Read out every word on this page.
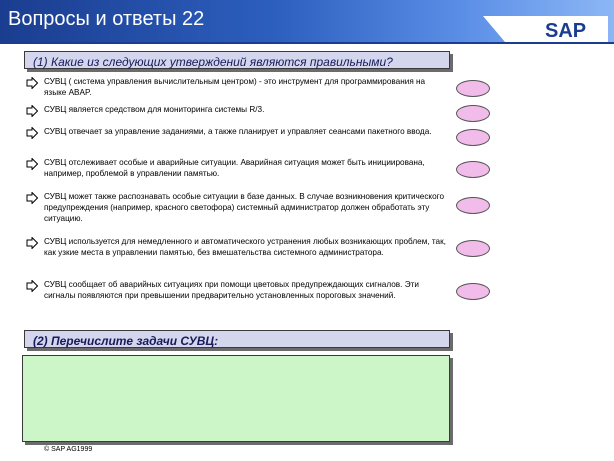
Вопросы и ответы 22
SAP
(1) Какие из следующих утверждений являются правильными?
СУВЦ ( система управления вычислительным центром) - это инструмент для программирования на языке ABAP.
СУВЦ является средством для мониторинга системы R/3.
СУВЦ отвечает за управление заданиями, а также планирует и управляет сеансами пакетного ввода.
СУВЦ отслеживает особые и аварийные ситуации. Аварийная ситуация может быть инициирована, например, проблемой в управлении памятью.
СУВЦ может также распознавать особые ситуации в базе данных. В случае возникновения критического предупреждения (например, красного светофора) системный администратор должен обработать эту ситуацию.
СУВЦ используется для немедленного и автоматического устранения любых возникающих проблем, так, как узкие места в управлении памятью, без вмешательства системного администратора.
СУВЦ сообщает об аварийных ситуациях при помощи цветовых предупреждающих сигналов. Эти сигналы появляются при превышении предварительно установленных пороговых значений.
(2) Перечислите задачи СУВЦ:
© SAP AG1999
